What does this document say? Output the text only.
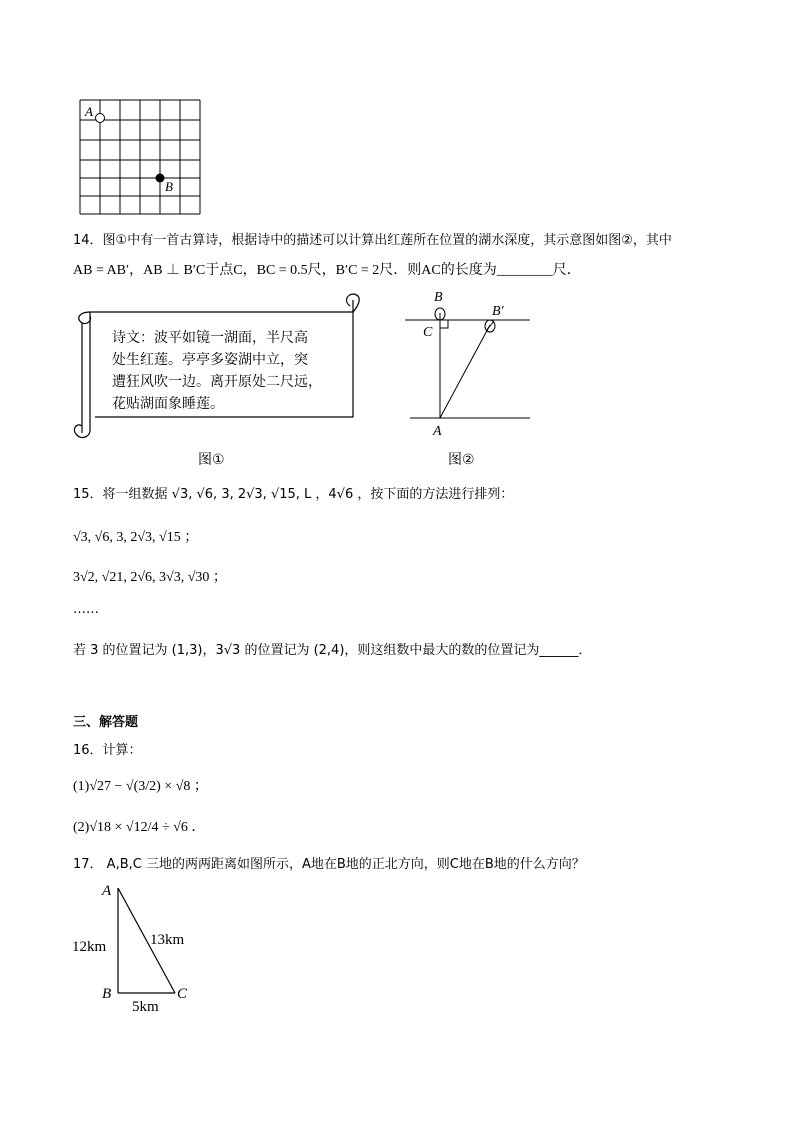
A
B
14．图①中有一首古算诗，根据诗中的描述可以计算出红莲所在位置的湖水深度，其示意图如图②，其中
AB = AB′，AB ⊥ B′C于点C，BC = 0.5尺，B′C = 2尺．则AC的长度为________尺．
诗文：波平如镜一湖面，半尺高 处生红莲。亭亭多姿湖中立，突 遭狂风吹一边。离开原处二尺远， 花贴湖面象睡莲。
图①
B
C
B′
A
图②
15．将一组数据 √3, √6, 3, 2√3, √15, L ，4√6 ，按下面的方法进行排列：
√3, √6, 3, 2√3, √15 ；
3√2, √21, 2√6, 3√3, √30 ；
……
若 3 的位置记为 (1,3)，3√3 的位置记为 (2,4)，则这组数中最大的数的位置记为______．
三、解答题
16．计算：
(1)√27 − √(3/2) × √8 ；
(2)√18 × √12/4 ÷ √6 ．
17． A,B,C 三地的两两距离如图所示，A地在B地的正北方向，则C地在B地的什么方向？
A
B	C
12km	13km
5km
